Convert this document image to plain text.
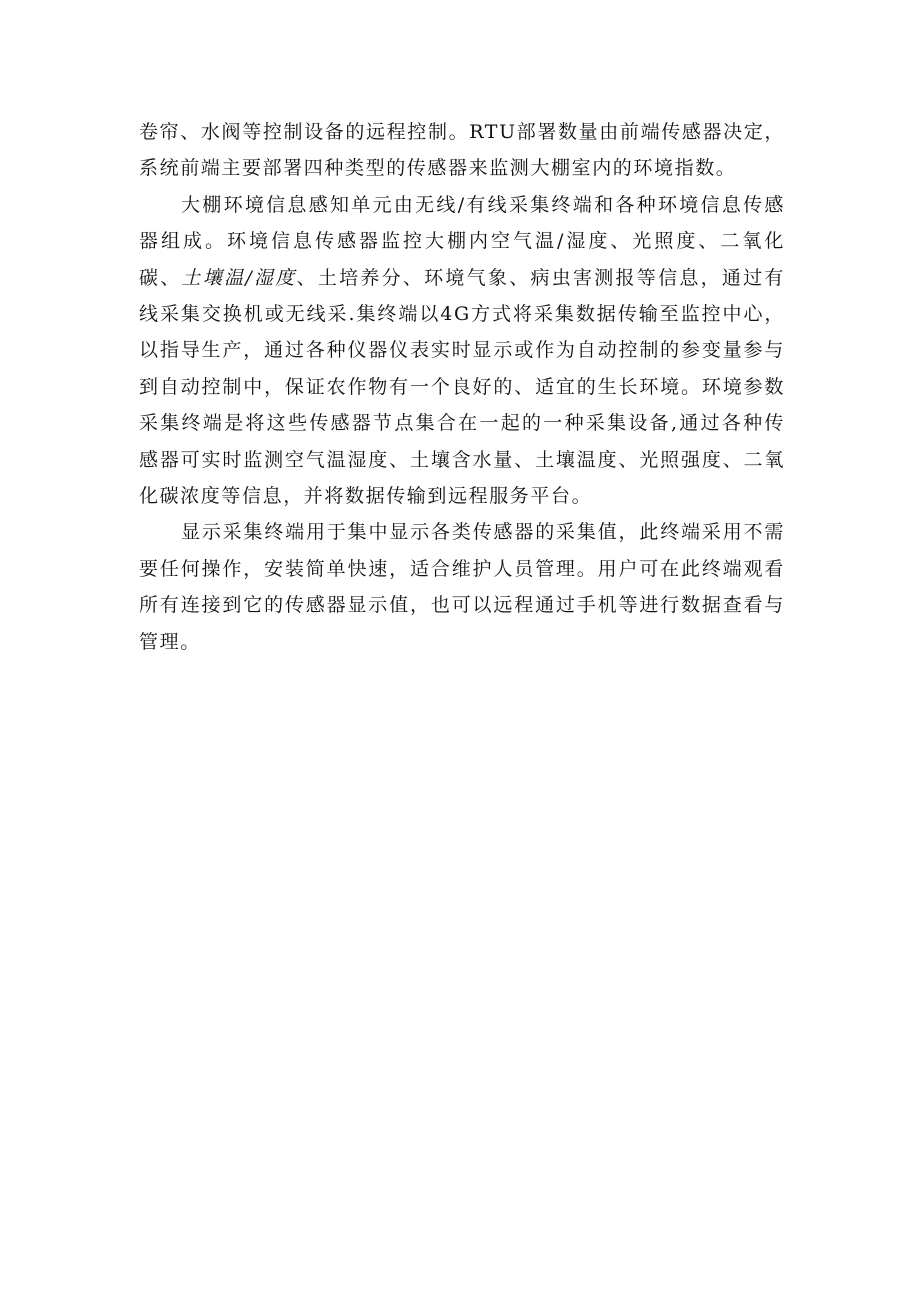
卷帘、水阀等控制设备的远程控制。RTU部署数量由前端传感器决定，系统前端主要部署四种类型的传感器来监测大棚室内的环境指数。

大棚环境信息感知单元由无线/有线采集终端和各种环境信息传感器组成。环境信息传感器监控大棚内空气温/湿度、光照度、二氧化碳、土壤温/湿度、土培养分、环境气象、病虫害测报等信息，通过有线采集交换机或无线采.集终端以4G方式将采集数据传输至监控中心，以指导生产，通过各种仪器仪表实时显示或作为自动控制的参变量参与到自动控制中，保证农作物有一个良好的、适宜的生长环境。环境参数采集终端是将这些传感器节点集合在一起的一种采集设备,通过各种传感器可实时监测空气温湿度、土壤含水量、土壤温度、光照强度、二氧化碳浓度等信息，并将数据传输到远程服务平台。

显示采集终端用于集中显示各类传感器的采集值，此终端采用不需要任何操作，安装简单快速，适合维护人员管理。用户可在此终端观看所有连接到它的传感器显示值，也可以远程通过手机等进行数据查看与管理。
